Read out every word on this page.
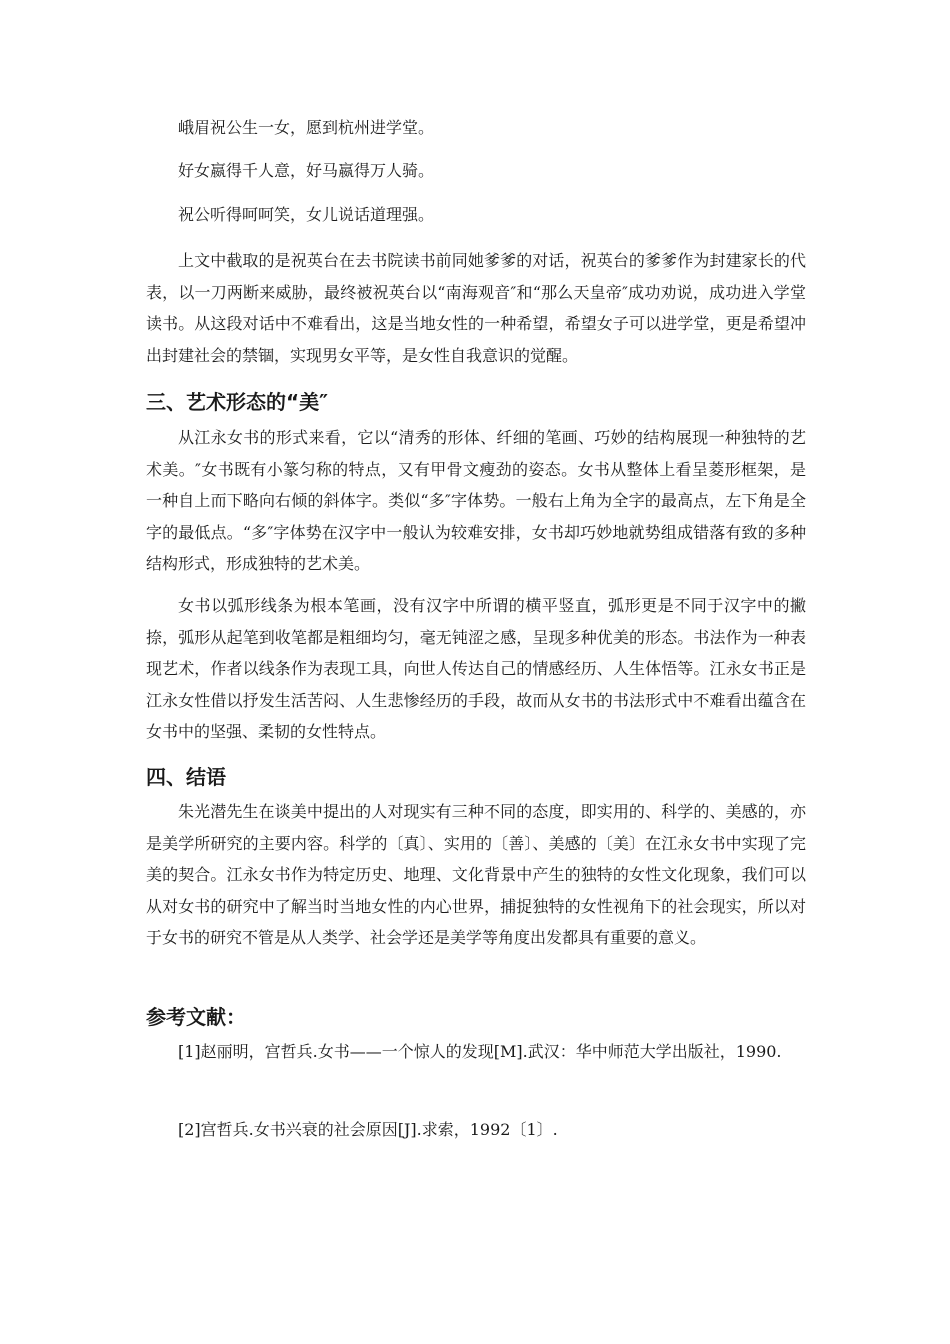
峨眉祝公生一女，愿到杭州进学堂。
好女嬴得千人意，好马嬴得万人骑。
祝公听得呵呵笑，女儿说话道理强。
上文中截取的是祝英台在去书院读书前同她爹爹的对话，祝英台的爹爹作为封建家长的代表，以一刀两断来威胁，最终被祝英台以“南海观音″和“那么天皇帝″成功劝说，成功进入学堂读书。从这段对话中不难看出，这是当地女性的一种希望，希望女子可以进学堂，更是希望冲出封建社会的禁锢，实现男女平等，是女性自我意识的觉醒。
三、艺术形态的“美″
从江永女书的形式来看，它以“清秀的形体、纤细的笔画、巧妙的结构展现一种独特的艺术美。″女书既有小篆匀称的特点，又有甲骨文瘦劲的姿态。女书从整体上看呈菱形框架，是一种自上而下略向右倾的斜体字。类似“多″字体势。一般右上角为全字的最高点，左下角是全字的最低点。“多″字体势在汉字中一般认为较难安排，女书却巧妙地就势组成错落有致的多种结构形式，形成独特的艺术美。
女书以弧形线条为根本笔画，没有汉字中所谓的横平竖直，弧形更是不同于汉字中的撇捺，弧形从起笔到收笔都是粗细均匀，毫无钝涩之感，呈现多种优美的形态。书法作为一种表现艺术，作者以线条作为表现工具，向世人传达自己的情感经历、人生体悟等。江永女书正是江永女性借以抒发生活苦闷、人生悲惨经历的手段，故而从女书的书法形式中不难看出蕴含在女书中的坚强、柔韧的女性特点。
四、结语
朱光潜先生在谈美中提出的人对现实有三种不同的态度，即实用的、科学的、美感的，亦是美学所研究的主要内容。科学的〔真〕、实用的〔善〕、美感的〔美〕在江永女书中实现了完美的契合。江永女书作为特定历史、地理、文化背景中产生的独特的女性文化现象，我们可以从对女书的研究中了解当时当地女性的内心世界，捕捉独特的女性视角下的社会现实，所以对于女书的研究不管是从人类学、社会学还是美学等角度出发都具有重要的意义。
参考文献：
[1]赵丽明，宫哲兵.女书——一个惊人的发现[M].武汉：华中师范大学出版社，1990.
[2]宫哲兵.女书兴衰的社会原因[J].求索，1992〔1〕.
